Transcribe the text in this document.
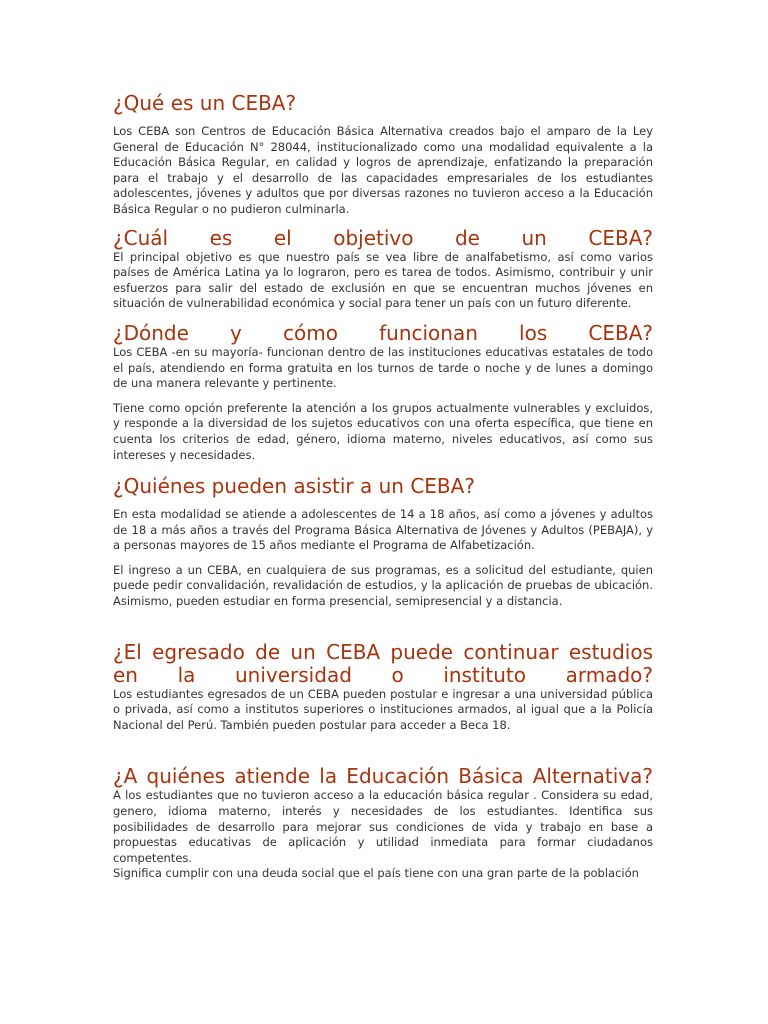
¿Qué es un CEBA?

Los CEBA son Centros de Educación Básica Alternativa creados bajo el amparo de la Ley General de Educación N° 28044, institucionalizado como una modalidad equivalente a la Educación Básica Regular, en calidad y logros de aprendizaje, enfatizando la preparación para el trabajo y el desarrollo de las capacidades empresariales de los estudiantes adolescentes, jóvenes y adultos que por diversas razones no tuvieron acceso a la Educación Básica Regular o no pudieron culminarla.

¿Cuál es el objetivo de un CEBA?

El principal objetivo es que nuestro país se vea libre de analfabetismo, así como varios países de América Latina ya lo lograron, pero es tarea de todos. Asimismo, contribuir y unir esfuerzos para salir del estado de exclusión en que se encuentran muchos jóvenes en situación de vulnerabilidad económica y social para tener un país con un futuro diferente.

¿Dónde y cómo funcionan los CEBA?

Los CEBA -en su mayoría- funcionan dentro de las instituciones educativas estatales de todo el país, atendiendo en forma gratuita en los turnos de tarde o noche y de lunes a domingo de una manera relevante y pertinente.

Tiene como opción preferente la atención a los grupos actualmente vulnerables y excluidos, y responde a la diversidad de los sujetos educativos con una oferta específica, que tiene en cuenta los criterios de edad, género, idioma materno, niveles educativos, así como sus intereses y necesidades.

¿Quiénes pueden asistir a un CEBA?

En esta modalidad se atiende a adolescentes de 14 a 18 años, así como a jóvenes y adultos de 18 a más años a través del Programa Básica Alternativa de Jóvenes y Adultos (PEBAJA), y a personas mayores de 15 años mediante el Programa de Alfabetización.

El ingreso a un CEBA, en cualquiera de sus programas, es a solicitud del estudiante, quien puede pedir convalidación, revalidación de estudios, y la aplicación de pruebas de ubicación. Asimismo, pueden estudiar en forma presencial, semipresencial y a distancia.

¿El egresado de un CEBA puede continuar estudios en la universidad o instituto armado?

Los estudiantes egresados de un CEBA pueden postular e ingresar a una universidad pública o privada, así como a institutos superiores o instituciones armados, al igual que a la Policía Nacional del Perú. También pueden postular para acceder a Beca 18.

¿A quiénes atiende la Educación Básica Alternativa?

A los estudiantes que no tuvieron acceso a la educación básica regular . Considera su edad, genero, idioma materno, interés y necesidades de los estudiantes. Identifica sus posibilidades de desarrollo para mejorar sus condiciones de vida y trabajo en base a propuestas educativas de aplicación y utilidad inmediata para formar ciudadanos competentes.

Significa cumplir con una deuda social que el país tiene con una gran parte de la población
